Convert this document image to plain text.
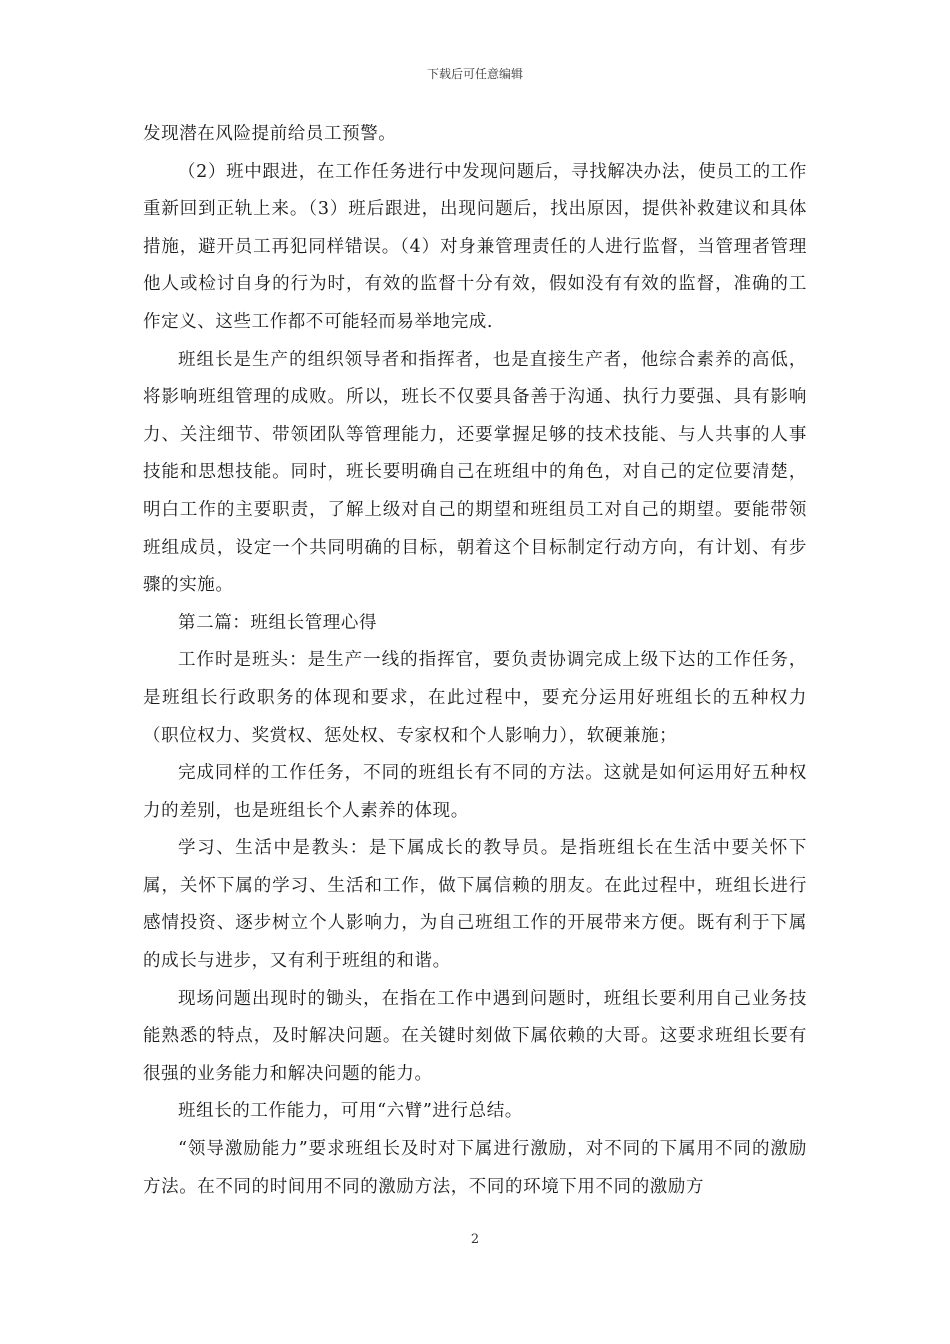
下载后可任意编辑

发现潜在风险提前给员工预警。

（2）班中跟进，在工作任务进行中发现问题后，寻找解决办法，使员工的工作重新回到正轨上来。（3）班后跟进，出现问题后，找出原因，提供补救建议和具体措施，避开员工再犯同样错误。（4）对身兼管理责任的人进行监督，当管理者管理他人或检讨自身的行为时，有效的监督十分有效，假如没有有效的监督，准确的工作定义、这些工作都不可能轻而易举地完成.

班组长是生产的组织领导者和指挥者，也是直接生产者，他综合素养的高低，将影响班组管理的成败。所以，班长不仅要具备善于沟通、执行力要强、具有影响力、关注细节、带领团队等管理能力，还要掌握足够的技术技能、与人共事的人事技能和思想技能。同时，班长要明确自己在班组中的角色，对自己的定位要清楚，明白工作的主要职责，了解上级对自己的期望和班组员工对自己的期望。要能带领班组成员，设定一个共同明确的目标，朝着这个目标制定行动方向，有计划、有步骤的实施。

第二篇：班组长管理心得

工作时是班头：是生产一线的指挥官，要负责协调完成上级下达的工作任务，是班组长行政职务的体现和要求，在此过程中，要充分运用好班组长的五种权力（职位权力、奖赏权、惩处权、专家权和个人影响力），软硬兼施；

完成同样的工作任务，不同的班组长有不同的方法。这就是如何运用好五种权力的差别，也是班组长个人素养的体现。

学习、生活中是教头：是下属成长的教导员。是指班组长在生活中要关怀下属，关怀下属的学习、生活和工作，做下属信赖的朋友。在此过程中，班组长进行感情投资、逐步树立个人影响力，为自己班组工作的开展带来方便。既有利于下属的成长与进步，又有利于班组的和谐。

现场问题出现时的锄头，在指在工作中遇到问题时，班组长要利用自己业务技能熟悉的特点，及时解决问题。在关键时刻做下属依赖的大哥。这要求班组长要有很强的业务能力和解决问题的能力。

班组长的工作能力，可用“六臂”进行总结。

“领导激励能力”要求班组长及时对下属进行激励，对不同的下属用不同的激励方法。在不同的时间用不同的激励方法，不同的环境下用不同的激励方

2
